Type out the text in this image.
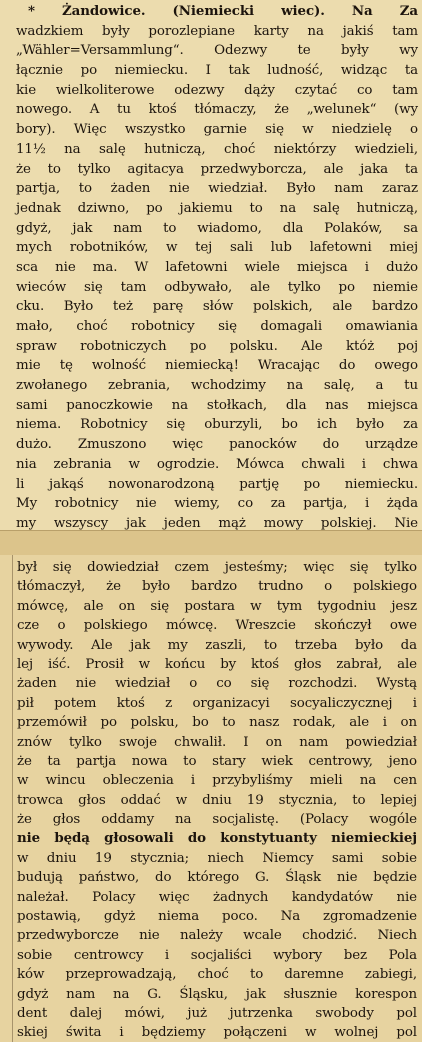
* Żandowice. (Niemiecki wiec). Na Za
wadzkiem były porozlepiane karty na jakiś tam
„Wähler=Versammlung“. Odezwy te były wy
łącznie po niemiecku. I tak ludność, widząc ta
kie wielkoliterowe odezwy dąży czytać co tam
nowego. A tu ktoś tłómaczy, że „welunek“ (wy
bory). Więc wszystko garnie się w niedzielę o
11½ na salę hutniczą, choć niektórzy wiedzieli,
że to tylko agitacya przedwyborcza, ale jaka ta
partja, to żaden nie wiedział. Było nam zaraz
jednak dziwno, po jakiemu to na salę hutniczą,
gdyż, jak nam to wiadomo, dla Polaków, sa
mych robotników, w tej sali lub lafetowni miej
sca nie ma. W lafetowni wiele miejsca i dużo
wieców się tam odbywało, ale tylko po niemie
cku. Było też parę słów polskich, ale bardzo
mało, choć robotnicy się domagali omawiania
spraw robotniczych po polsku. Ale któż poj
mie tę wolność niemiecką! Wracając do owego
zwołanego zebrania, wchodzimy na salę, a tu
sami panoczkowie na stołkach, dla nas miejsca
niema. Robotnicy się oburzyli, bo ich było za
dużo. Zmuszono więc panocków do urządze
nia zebrania w ogrodzie. Mówca chwali i chwa
li jakąś nowonarodzoną partję po niemiecku.
My robotnicy nie wiemy, co za partja, i żąda
my wszyscy jak jeden mąż mowy polskiej. Nie
był się dowiedział czem jesteśmy; więc się tylko
tłómaczył, że było bardzo trudno o polskiego
mówcę, ale on się postara w tym tygodniu jesz
cze o polskiego mówcę. Wreszcie skończył owe
wywody. Ale jak my zaszli, to trzeba było da
lej iść. Prosił w końcu by ktoś głos zabrał, ale
żaden nie wiedział o co się rozchodzi. Wystą
pił potem ktoś z organizacyi socyaliczycznej i
przemówił po polsku, bo to nasz rodak, ale i on
znów tylko swoje chwalił. I on nam powiedział
że ta partja nowa to stary wiek centrowy, jeno
w wincu obleczenia i przybyliśmy mieli na cen
trowca głos oddać w dniu 19 stycznia, to lepiej
że głos oddamy na socjalistę. (Polacy wogóle
nie będą głosowali do konstytuanty niemieckiej
w dniu 19 stycznia; niech Niemcy sami sobie
budują państwo, do którego G. Śląsk nie będzie
należał. Polacy więc żadnych kandydatów nie
postawią, gdyż niema poco. Na zgromadzenie
przedwyborcze nie należy wcale chodzić. Niech
sobie centrowcy i socjaliści wybory bez Pola
ków przeprowadzają, choć to daremne zabiegi,
gdyż nam na G. Śląsku, jak słusznie korespon
dent dalej mówi, już jutrzenka swobody pol
skiej świta i będziemy połączeni w wolnej pol
